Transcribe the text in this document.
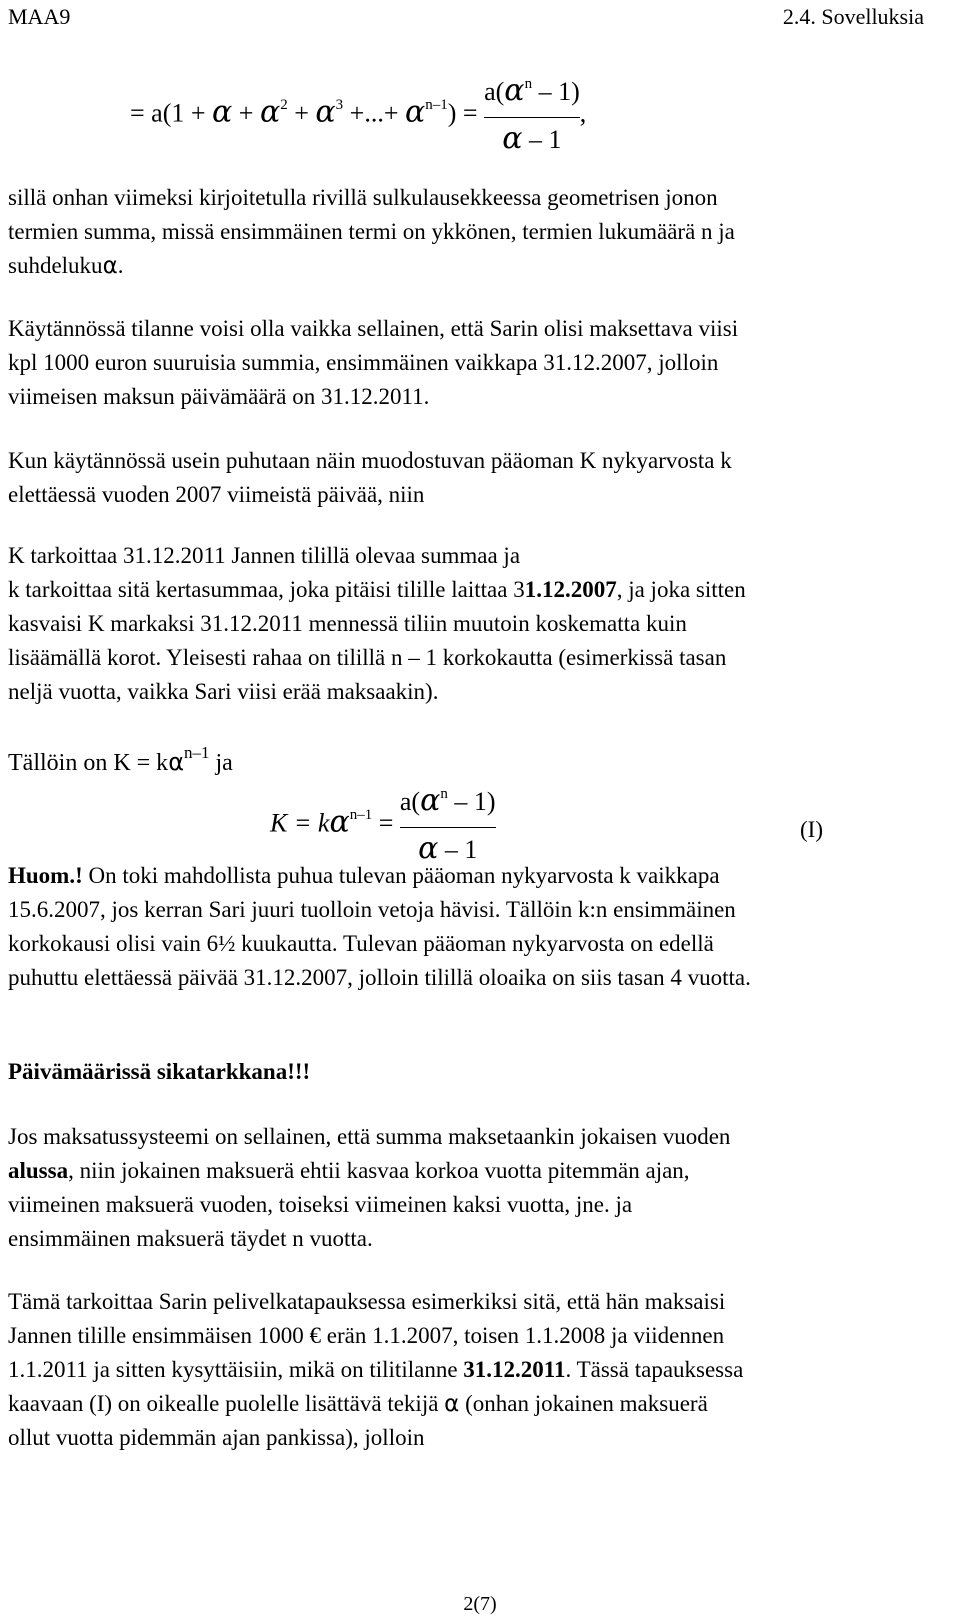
MAA9	2.4. Sovelluksia
= $a(1 + \alpha + \alpha^2 + \alpha^3$ +...+ $\alpha^{n-1}) = \frac{a(\alpha^n - 1)}{\alpha - 1}$ ,

sillä onhan viimeksi kirjoitetulla rivillä sulkulausekkeessa geometrisen jonon

termien summa, missä ensimmäinen termi on ykkönen, termien lukumäärä n ja

suhdelukuα.

Käytännössä tilanne voisi olla vaikka sellainen, että Sarin olisi maksettava viisi

kpl 1000 euron suuruisia summia, ensimmäinen vaikkapa 31.12.2007, jolloin

viimeisen maksun päivämäärä on 31.12.2011.

Kun käytännössä usein puhutaan näin muodostuvan pääoman K nykyarvosta k

elettäessä vuoden 2007 viimeistä päivää, niin

K tarkoittaa 31.12.2011 Jannen tilillä olevaa summaa ja

k tarkoittaa sitä kertasummaa, joka pitäisi tilille laittaa 31.12.2007, ja joka sitten

kasvaisi K markaksi 31.12.2011 mennessä tiliin muutoin koskematta kuin

lisäämällä korot. Yleisesti rahaa on tilillä n – 1 korkokautta (esimerkissä tasan

neljä vuotta, vaikka Sari viisi erää maksaakin).

Tällöin on $K = k\alpha^{n-1}$ ja
$K = k\alpha^{n-1} = \frac{a(\alpha^n - 1)}{\alpha - 1}$	(I)

Huom.! On toki mahdollista puhua tulevan pääoman nykyarvosta k vaikkapa

15.6.2007, jos kerran Sari juuri tuolloin vetoja hävisi. Tällöin k:n ensimmäinen

korkokausi olisi vain 6½ kuukautta. Tulevan pääoman nykyarvosta on edellä

puhuttu elettäessä päivää 31.12.2007, jolloin tilillä oloaika on siis tasan 4 vuotta.

Päivämäärissä sikatarkkana!!!

Jos maksatussysteemi on sellainen, että summa maksetaankin jokaisen vuoden

alussa, niin jokainen maksuerä ehtii kasvaa korkoa vuotta pitemmän ajan,

viimeinen maksuerä vuoden, toiseksi viimeinen kaksi vuotta, jne. ja

ensimmäinen maksuerä täydet n vuotta.

Tämä tarkoittaa Sarin pelivelkatapauksessa esimerkiksi sitä, että hän maksaisi

Jannen tilille ensimmäisen 1000 € erän 1.1.2007, toisen 1.1.2008 ja viidennen

1.1.2011 ja sitten kysyttäisiin, mikä on tilitilanne 31.12.2011. Tässä tapauksessa

kaavaan (I) on oikealle puolelle lisättävä tekijä α (onhan jokainen maksuerä

ollut vuotta pidemmän ajan pankissa), jolloin

2(7)
